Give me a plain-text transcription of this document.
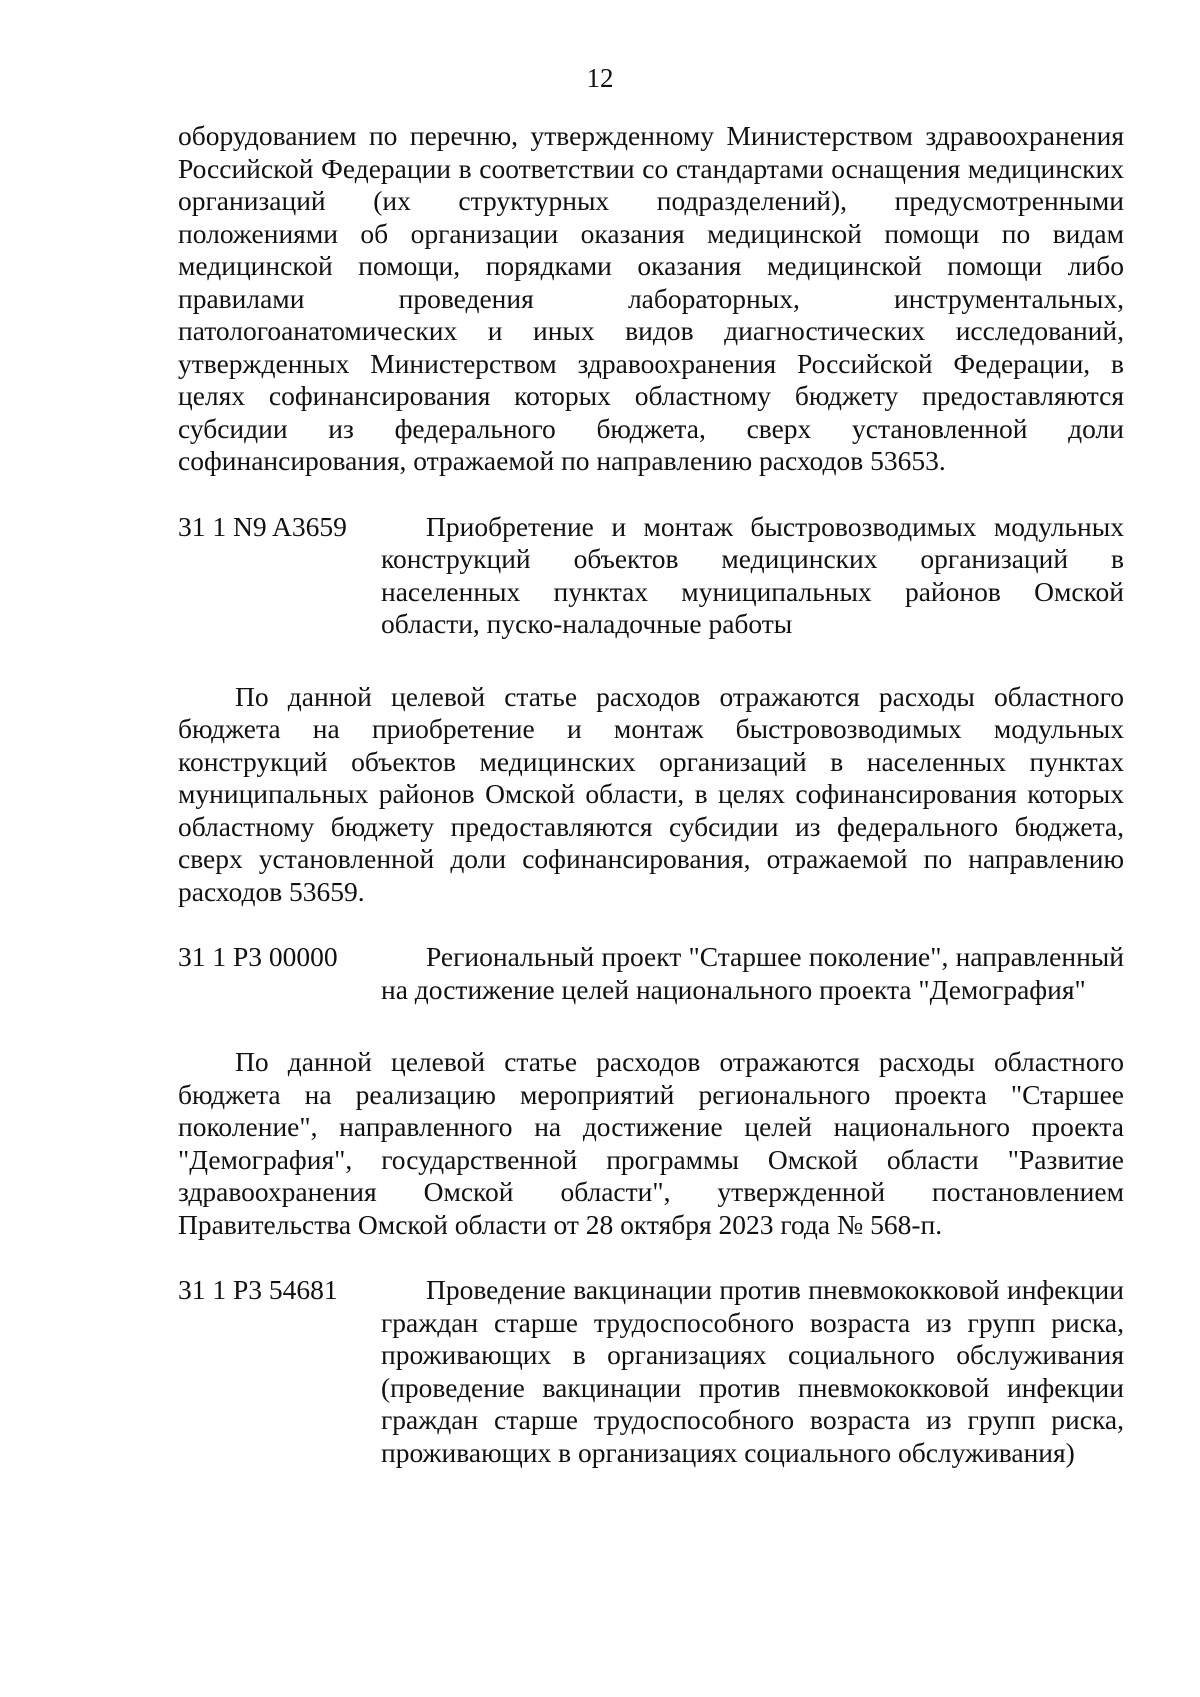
12

оборудованием по перечню, утвержденному Министерством здравоохранения Российской Федерации в соответствии со стандартами оснащения медицинских организаций (их структурных подразделений), предусмотренными положениями об организации оказания медицинской помощи по видам медицинской помощи, порядками оказания медицинской помощи либо правилами проведения лабораторных, инструментальных, патологоанатомических и иных видов диагностических исследований, утвержденных Министерством здравоохранения Российской Федерации, в целях софинансирования которых областному бюджету предоставляются субсидии из федерального бюджета, сверх установленной доли софинансирования, отражаемой по направлению расходов 53653.

31 1 N9 A3659	Приобретение и монтаж быстровозводимых модульных конструкций объектов медицинских организаций в населенных пунктах муниципальных районов Омской области, пуско-наладочные работы

По данной целевой статье расходов отражаются расходы областного бюджета на приобретение и монтаж быстровозводимых модульных конструкций объектов медицинских организаций в населенных пунктах муниципальных районов Омской области, в целях софинансирования которых областному бюджету предоставляются субсидии из федерального бюджета, сверх установленной доли софинансирования, отражаемой по направлению расходов 53659.

31 1 P3 00000	Региональный проект "Старшее поколение", направленный на достижение целей национального проекта "Демография"

По данной целевой статье расходов отражаются расходы областного бюджета на реализацию мероприятий регионального проекта "Старшее поколение", направленного на достижение целей национального проекта "Демография", государственной программы Омской области "Развитие здравоохранения Омской области", утвержденной постановлением Правительства Омской области от 28 октября 2023 года № 568-п.

31 1 P3 54681	Проведение вакцинации против пневмококковой инфекции граждан старше трудоспособного возраста из групп риска, проживающих в организациях социального обслуживания (проведение вакцинации против пневмококковой инфекции граждан старше трудоспособного возраста из групп риска, проживающих в организациях социального обслуживания)
